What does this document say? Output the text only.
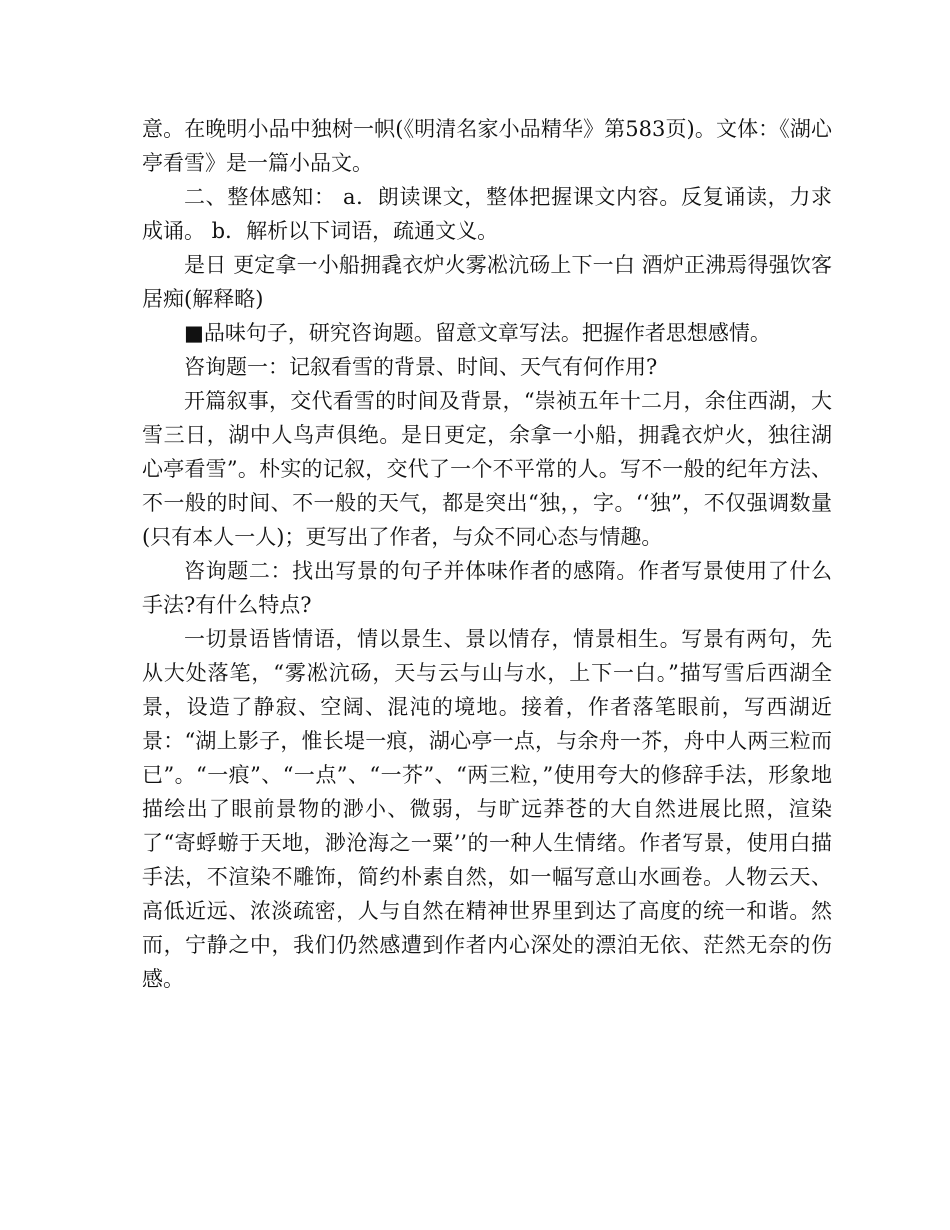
意。在晚明小品中独树一帜(《明清名家小品精华》第583页)。文体：《湖心亭看雪》是一篇小品文。

二、整体感知： a．朗读课文，整体把握课文内容。反复诵读，力求成诵。 b．解析以下词语，疏通文义。

是日 更定拿一小船拥毳衣炉火雾凇沆砀上下一白 酒炉正沸焉得强饮客居痴(解释略)

■品味句子，研究咨询题。留意文章写法。把握作者思想感情。

咨询题一：记叙看雪的背景、时间、天气有何作用?

开篇叙事，交代看雪的时间及背景，“崇祯五年十二月，余住西湖，大雪三日，湖中人鸟声俱绝。是日更定，余拿一小船，拥毳衣炉火，独往湖心亭看雪”。朴实的记叙，交代了一个不平常的人。写不一般的纪年方法、不一般的时间、不一般的天气，都是突出“独，，字。‘‘独”，不仅强调数量(只有本人一人)；更写出了作者，与众不同心态与情趣。

咨询题二：找出写景的句子并体味作者的感隋。作者写景使用了什么手法?有什么特点?

一切景语皆情语，情以景生、景以情存，情景相生。写景有两句，先从大处落笔，“雾凇沆砀，天与云与山与水，上下一白。”描写雪后西湖全景，设造了静寂、空阔、混沌的境地。接着，作者落笔眼前，写西湖近景：“湖上影子，惟长堤一痕，湖心亭一点，与余舟一芥，舟中人两三粒而已”。“一痕”、“一点”、“一芥”、“两三粒，”使用夸大的修辞手法，形象地描绘出了眼前景物的渺小、微弱，与旷远莽苍的大自然进展比照，渲染了“寄蜉蝣于天地，渺沧海之一粟’’的一种人生情绪。作者写景，使用白描手法，不渲染不雕饰，简约朴素自然，如一幅写意山水画卷。人物云天、高低近远、浓淡疏密，人与自然在精神世界里到达了高度的统一和谐。然而，宁静之中，我们仍然感遭到作者内心深处的漂泊无依、茫然无奈的伤感。
